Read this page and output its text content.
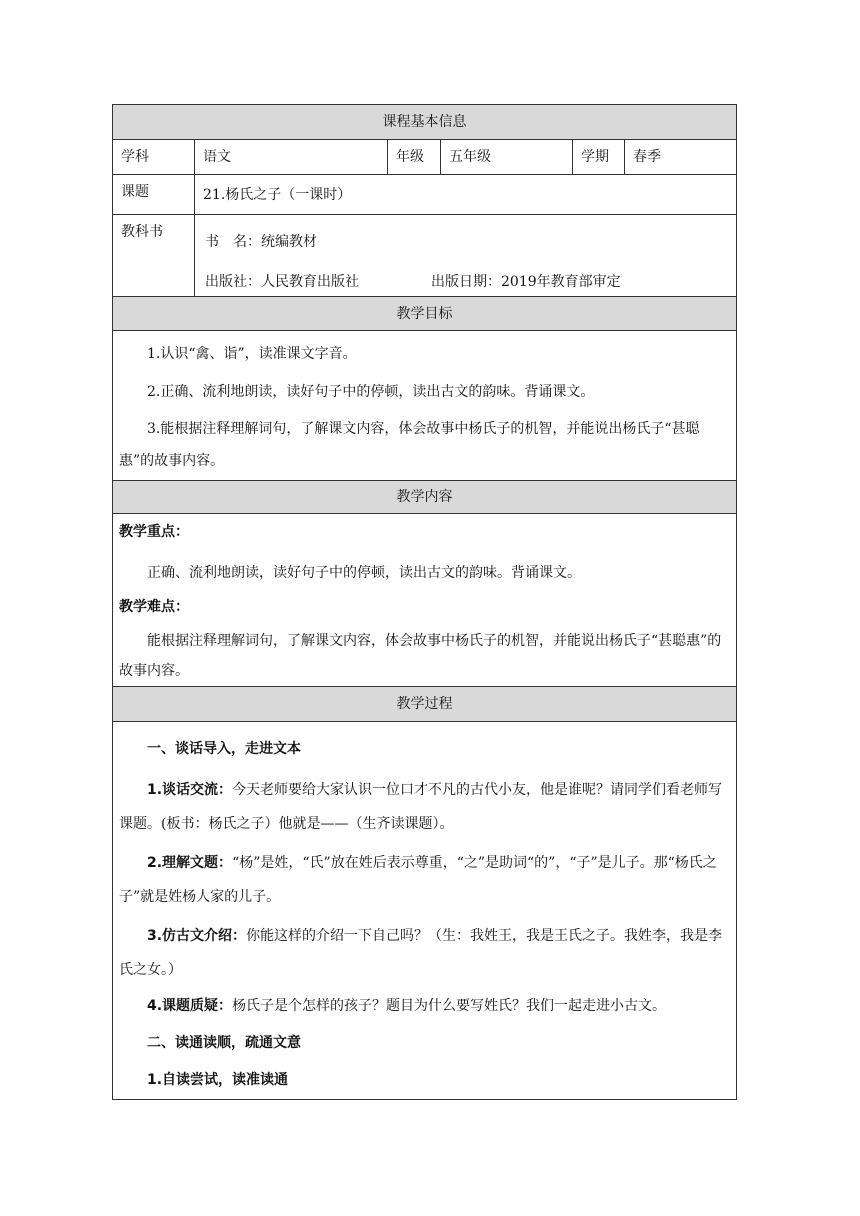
课程基本信息
学科	语文	年级	五年级	学期	春季
课题	21.杨氏之子（一课时）
教科书
书　名：统编教材
出版社：人民教育出版社	出版日期：2019年教育部审定
教学目标
1.认识“禽、诣”，读准课文字音。
2.正确、流利地朗读，读好句子中的停顿，读出古文的韵味。背诵课文。
3.能根据注释理解词句，了解课文内容，体会故事中杨氏子的机智，并能说出杨氏子“甚聪惠”的故事内容。
教学内容
教学重点：
正确、流利地朗读，读好句子中的停顿，读出古文的韵味。背诵课文。
教学难点：
能根据注释理解词句，了解课文内容，体会故事中杨氏子的机智，并能说出杨氏子“甚聪惠”的故事内容。
教学过程
一、谈话导入，走进文本
1.谈话交流：今天老师要给大家认识一位口才不凡的古代小友，他是谁呢？请同学们看老师写课题。(板书：杨氏之子）他就是——（生齐读课题）。
2.理解文题：“杨”是姓，“氏”放在姓后表示尊重，“之”是助词“的”，“子”是儿子。那“杨氏之子”就是姓杨人家的儿子。
3.仿古文介绍：你能这样的介绍一下自己吗？（生：我姓王，我是王氏之子。我姓李，我是李氏之女。）
4.课题质疑：杨氏子是个怎样的孩子？题目为什么要写姓氏？我们一起走进小古文。
二、读通读顺，疏通文意
1.自读尝试，读准读通
